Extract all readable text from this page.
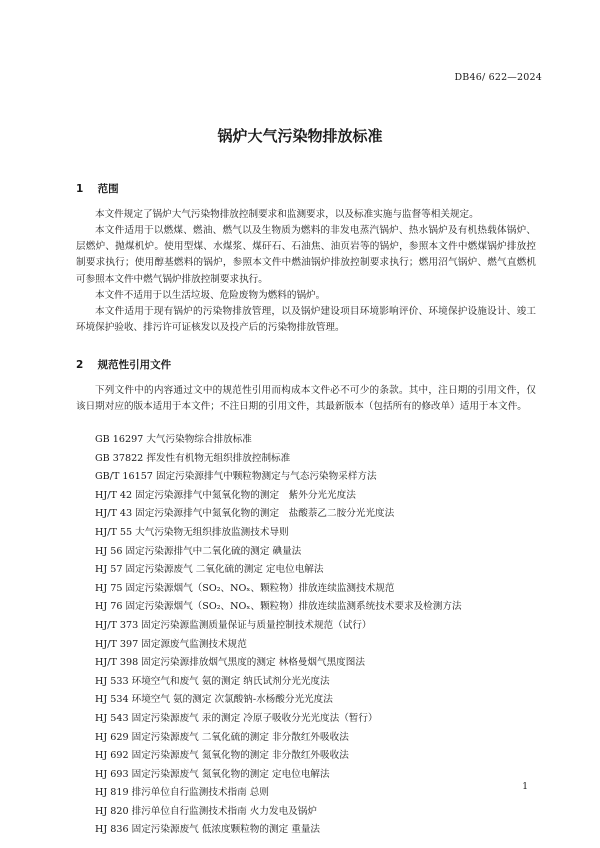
DB46/ 622—2024
锅炉大气污染物排放标准
1 范围

本文件规定了锅炉大气污染物排放控制要求和监测要求，以及标准实施与监督等相关规定。

本文件适用于以燃煤、燃油、燃气以及生物质为燃料的非发电蒸汽锅炉、热水锅炉及有机热载体锅炉、层燃炉、抛煤机炉。使用型煤、水煤浆、煤矸石、石油焦、油页岩等的锅炉，参照本文件中燃煤锅炉排放控制要求执行；使用醇基燃料的锅炉，参照本文件中燃油锅炉排放控制要求执行；燃用沼气锅炉、燃气直燃机可参照本文件中燃气锅炉排放控制要求执行。

本文件不适用于以生活垃圾、危险废物为燃料的锅炉。

本文件适用于现有锅炉的污染物排放管理，以及锅炉建设项目环境影响评价、环境保护设施设计、竣工环境保护验收、排污许可证核发以及投产后的污染物排放管理。

2 规范性引用文件

下列文件中的内容通过文中的规范性引用而构成本文件必不可少的条款。其中，注日期的引用文件，仅该日期对应的版本适用于本文件；不注日期的引用文件，其最新版本（包括所有的修改单）适用于本文件。

GB 16297 大气污染物综合排放标准
GB 37822 挥发性有机物无组织排放控制标准
GB/T 16157 固定污染源排气中颗粒物测定与气态污染物采样方法
HJ/T 42 固定污染源排气中氮氧化物的测定　紫外分光光度法
HJ/T 43 固定污染源排气中氮氧化物的测定　盐酸萘乙二胺分光光度法
HJ/T 55 大气污染物无组织排放监测技术导则
HJ 56 固定污染源排气中二氧化硫的测定 碘量法
HJ 57 固定污染源废气 二氧化硫的测定 定电位电解法
HJ 75 固定污染源烟气（SO₂、NOₓ、颗粒物）排放连续监测技术规范
HJ 76 固定污染源烟气（SO₂、NOₓ、颗粒物）排放连续监测系统技术要求及检测方法
HJ/T 373 固定污染源监测质量保证与质量控制技术规范（试行）
HJ/T 397 固定源废气监测技术规范
HJ/T 398 固定污染源排放烟气黑度的测定 林格曼烟气黑度图法
HJ 533 环境空气和废气 氨的测定 纳氏试剂分光光度法
HJ 534 环境空气 氨的测定 次氯酸钠-水杨酸分光光度法
HJ 543 固定污染源废气 汞的测定 冷原子吸收分光光度法（暂行）
HJ 629 固定污染源废气 二氧化硫的测定 非分散红外吸收法
HJ 692 固定污染源废气 氮氧化物的测定 非分散红外吸收法
HJ 693 固定污染源废气 氮氧化物的测定 定电位电解法
HJ 819 排污单位自行监测技术指南 总则
HJ 820 排污单位自行监测技术指南 火力发电及锅炉
HJ 836 固定污染源废气 低浓度颗粒物的测定 重量法
1
